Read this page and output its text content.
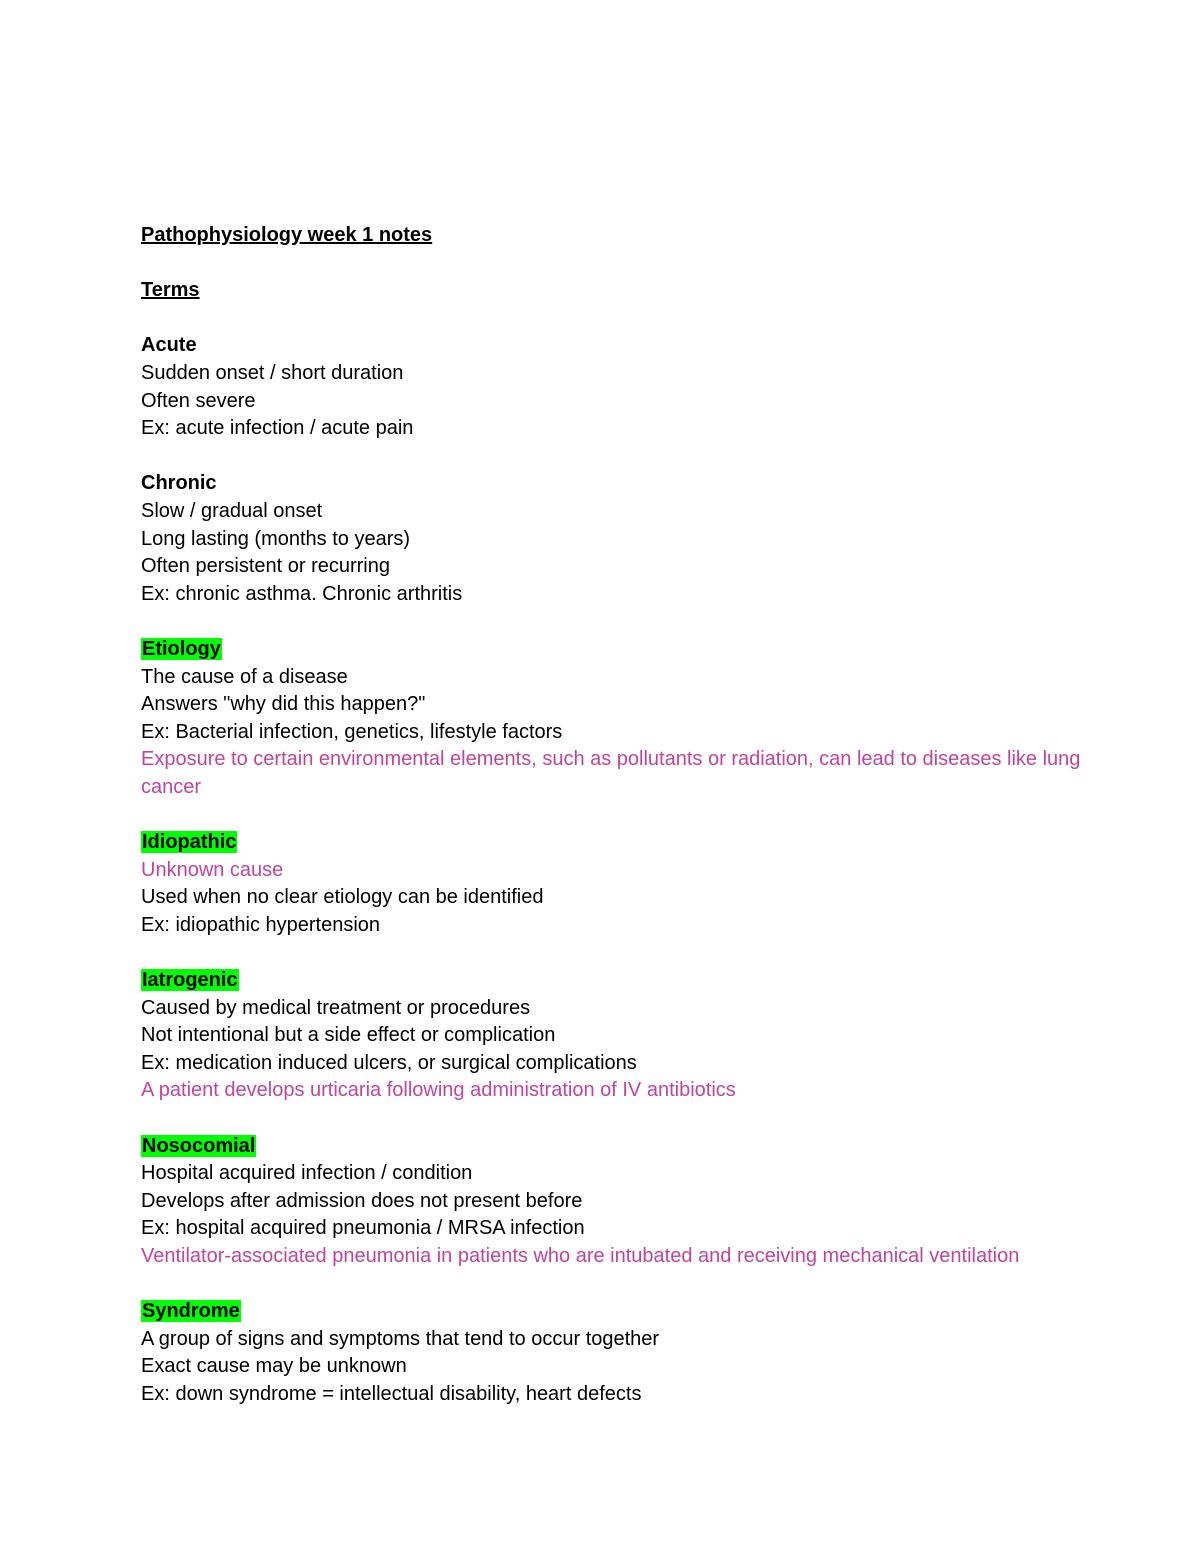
Pathophysiology week 1 notes
Terms
Acute
Sudden onset / short duration
Often severe
Ex: acute infection / acute pain
Chronic
Slow / gradual onset
Long lasting (months to years)
Often persistent or recurring
Ex: chronic asthma. Chronic arthritis
Etiology
The cause of a disease
Answers "why did this happen?"
Ex: Bacterial infection, genetics, lifestyle factors
Exposure to certain environmental elements, such as pollutants or radiation, can lead to diseases like lung cancer
Idiopathic
Unknown cause
Used when no clear etiology can be identified
Ex: idiopathic hypertension
Iatrogenic
Caused by medical treatment or procedures
Not intentional but a side effect or complication
Ex: medication induced ulcers, or surgical complications
A patient develops urticaria following administration of IV antibiotics
Nosocomial
Hospital acquired infection / condition
Develops after admission does not present before
Ex: hospital acquired pneumonia / MRSA infection
Ventilator-associated pneumonia in patients who are intubated and receiving mechanical ventilation
Syndrome
A group of signs and symptoms that tend to occur together
Exact cause may be unknown
Ex: down syndrome = intellectual disability, heart defects
